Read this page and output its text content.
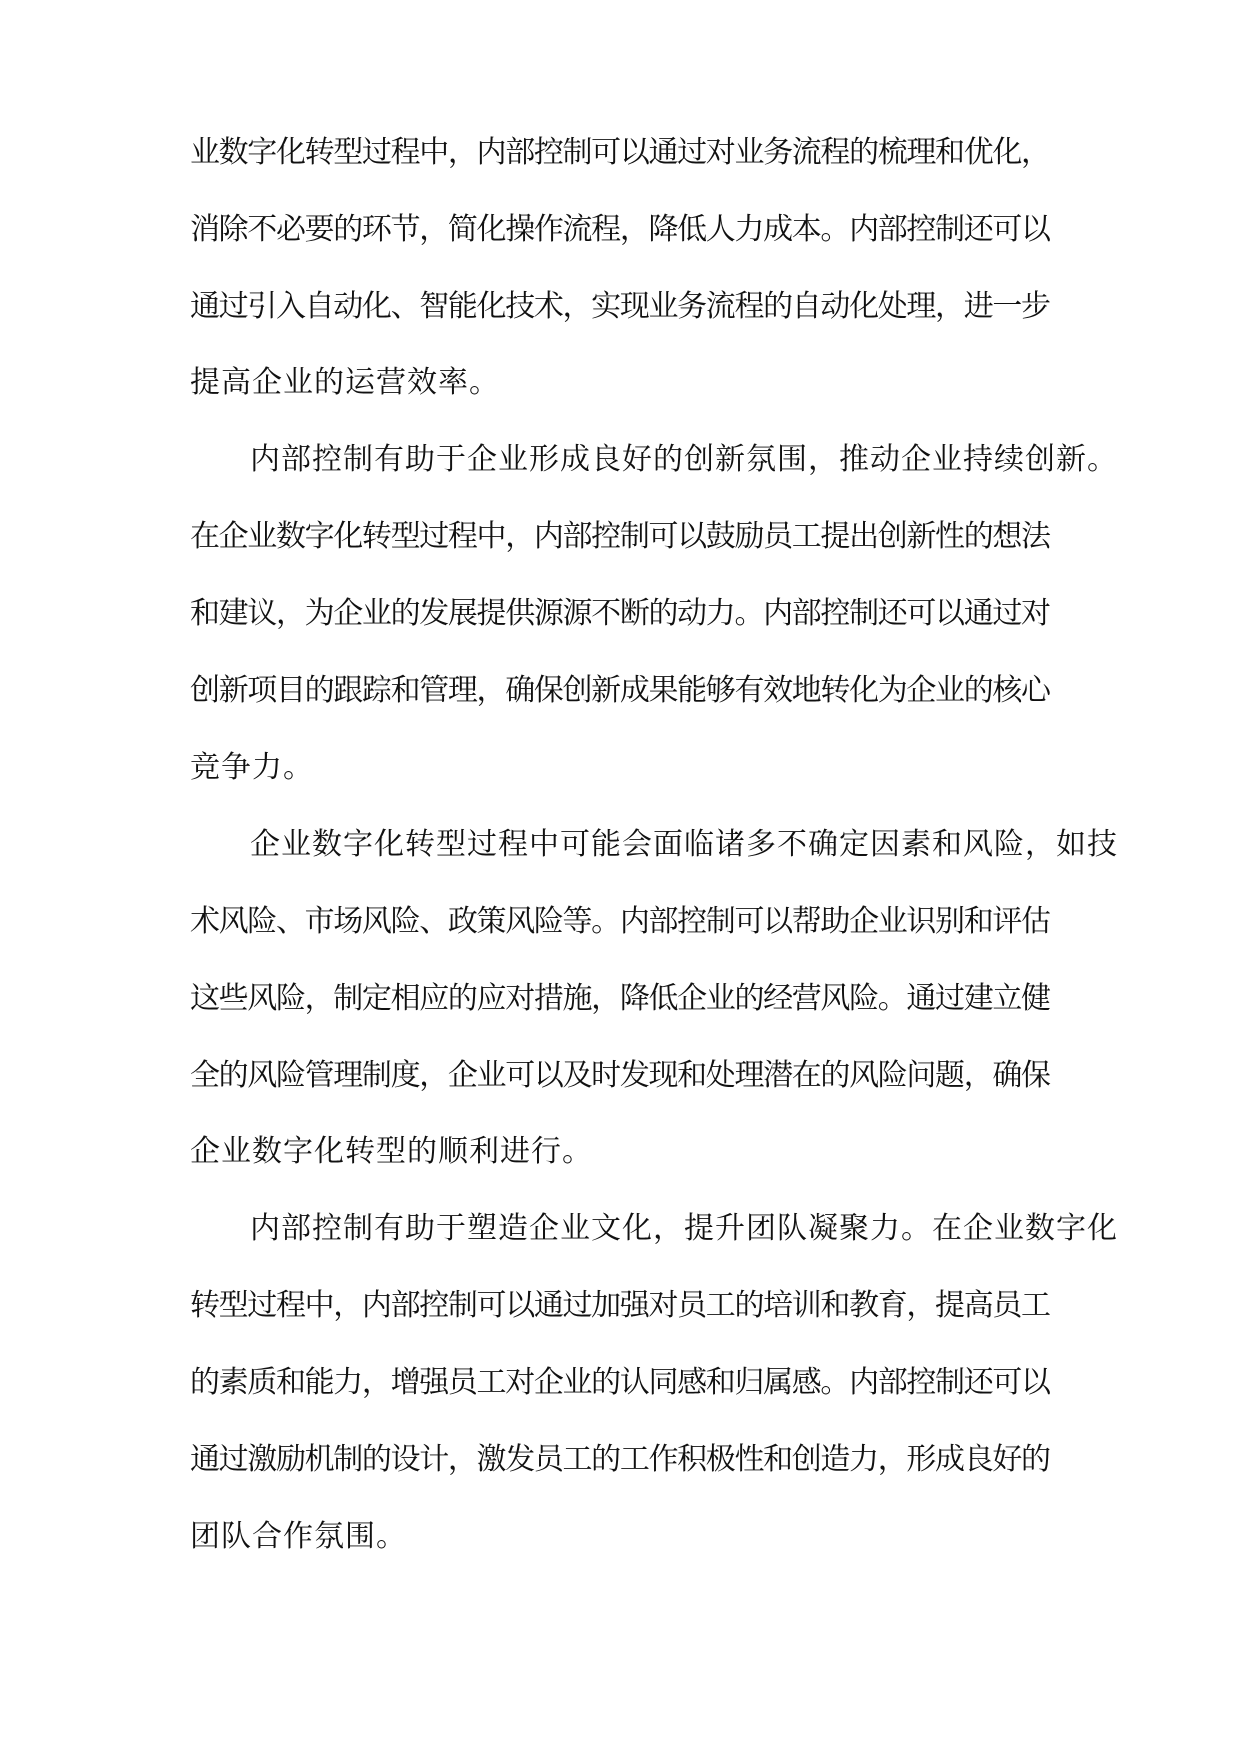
业数字化转型过程中，内部控制可以通过对业务流程的梳理和优化，
消除不必要的环节，简化操作流程，降低人力成本。内部控制还可以
通过引入自动化、智能化技术，实现业务流程的自动化处理，进一步
提高企业的运营效率。
内部控制有助于企业形成良好的创新氛围，推动企业持续创新。
在企业数字化转型过程中，内部控制可以鼓励员工提出创新性的想法
和建议，为企业的发展提供源源不断的动力。内部控制还可以通过对
创新项目的跟踪和管理，确保创新成果能够有效地转化为企业的核心
竞争力。
企业数字化转型过程中可能会面临诸多不确定因素和风险，如技
术风险、市场风险、政策风险等。内部控制可以帮助企业识别和评估
这些风险，制定相应的应对措施，降低企业的经营风险。通过建立健
全的风险管理制度，企业可以及时发现和处理潜在的风险问题，确保
企业数字化转型的顺利进行。
内部控制有助于塑造企业文化，提升团队凝聚力。在企业数字化
转型过程中，内部控制可以通过加强对员工的培训和教育，提高员工
的素质和能力，增强员工对企业的认同感和归属感。内部控制还可以
通过激励机制的设计，激发员工的工作积极性和创造力，形成良好的
团队合作氛围。
